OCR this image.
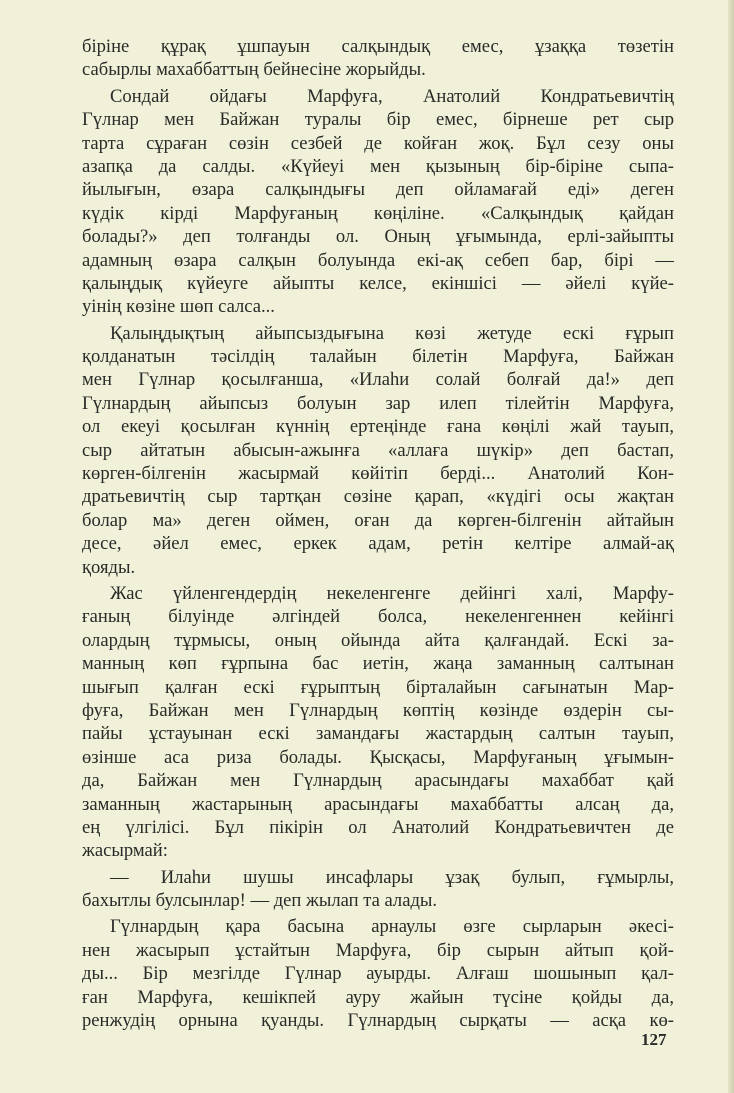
біріне құрақ ұшпауын салқындық емес, ұзаққа төзетін
сабырлы махаббаттың бейнесіне жорыйды.
Сондай ойдағы Марфуға, Анатолий Кондратьевичтің
Гүлнар мен Байжан туралы бір емес, бірнеше рет сыр
тарта сұраған сөзін сезбей де койған жоқ. Бұл сезу оны
азапқа да салды. «Күйеуі мен қызының бір-біріне сыпа-
йылығын, өзара салқындығы деп ойламағай еді» деген
күдік кірді Марфуғаның көңіліне. «Салқындық қайдан
болады?» деп толғанды ол. Оның ұғымында, ерлі-зайыпты
адамның өзара салқын болуында екі-ақ себеп бар, бірі —
қалыңдық күйеуге айыпты келсе, екіншісі — әйелі күйе-
уінің көзіне шөп салса...
Қалыңдықтың айыпсыздығына көзі жетуде ескі ғұрып
қолданатын тәсілдің талайын білетін Марфуға, Байжан
мен Гүлнар қосылғанша, «Илаһи солай болғай да!» деп
Гүлнардың айыпсыз болуын зар илеп тілейтін Марфуға,
ол екеуі қосылған күннің ертеңінде ғана көңілі жай тауып,
сыр айтатын абысын-ажынға «аллаға шүкір» деп бастап,
көрген-білгенін жасырмай көйітіп берді... Анатолий Кон-
дратьевичтің сыр тартқан сөзіне қарап, «күдігі осы жақтан
болар ма» деген оймен, оған да көрген-білгенін айтайын
десе, әйел емес, еркек адам, ретін келтіре алмай-ақ
қояды.
Жас үйленгендердің некеленгенге дейінгі халі, Марфу-
ғаның білуінде әлгіндей болса, некеленгеннен кейінгі
олардың тұрмысы, оның ойында айта қалғандай. Ескі за-
манның көп ғұрпына бас иетін, жаңа заманның салтынан
шығып қалған ескі ғұрыптың бірталайын сағынатын Мар-
фуға, Байжан мен Гүлнардың көптің көзінде өздерін сы-
пайы ұстауынан ескі замандағы жастардың салтын тауып,
өзінше аса риза болады. Қысқасы, Марфуғаның ұғымын-
да, Байжан мен Гүлнардың арасындағы махаббат қай
заманның жастарының арасындағы махаббатты алсаң да,
ең үлгілісі. Бұл пікірін ол Анатолий Кондратьевичтен де
жасырмай:
— Илаһи шушы инсафлары ұзақ булып, ғұмырлы,
бахытлы булсынлар! — деп жылап та алады.
Гүлнардың қара басына арнаулы өзге сырларын әкесі-
нен жасырып ұстайтын Марфуға, бір сырын айтып қой-
ды... Бір мезгілде Гүлнар ауырды. Алғаш шошынып қал-
ған Марфуға, кешікпей ауру жайын түсіне қойды да,
ренжудің орнына қуанды. Гүлнардың сырқаты — асқа кө-
127
